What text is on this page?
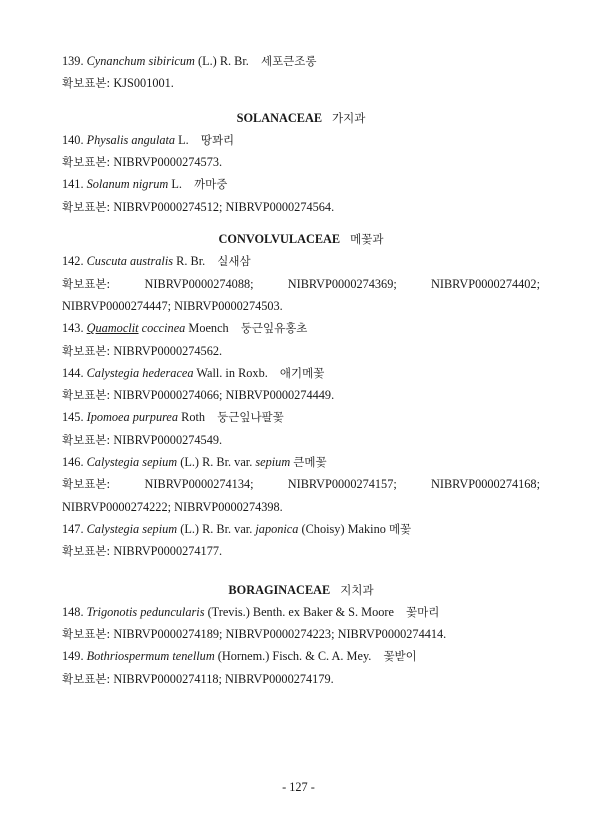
139. Cynanchum sibiricum (L.) R. Br. 세포큰조롱
확보표본: KJS001001.
SOLANACEAE 가지과
140. Physalis angulata L. 땅꽈리
확보표본: NIBRVP0000274573.
141. Solanum nigrum L. 까마중
확보표본: NIBRVP0000274512; NIBRVP0000274564.
CONVOLVULACEAE 메꽃과
142. Cuscuta australis R. Br. 실새삼
확보표본:	NIBRVP0000274088; NIBRVP0000274369; NIBRVP0000274402;
NIBRVP0000274447; NIBRVP0000274503.
143. Quamoclit coccinea Moench 둥근잎유홍초
확보표본: NIBRVP0000274562.
144. Calystegia hederacea Wall. in Roxb. 애기메꽃
확보표본: NIBRVP0000274066; NIBRVP0000274449.
145. Ipomoea purpurea Roth 둥근잎나팔꽃
확보표본: NIBRVP0000274549.
146. Calystegia sepium (L.) R. Br. var. sepium 큰메꽃
확보표본:	NIBRVP0000274134; NIBRVP0000274157; NIBRVP0000274168;
NIBRVP0000274222; NIBRVP0000274398.
147. Calystegia sepium (L.) R. Br. var. japonica (Choisy) Makino 메꽃
확보표본: NIBRVP0000274177.
BORAGINACEAE 지치과
148. Trigonotis peduncularis (Trevis.) Benth. ex Baker & S. Moore 꽃마리
확보표본: NIBRVP0000274189; NIBRVP0000274223; NIBRVP0000274414.
149. Bothriospermum tenellum (Hornem.) Fisch. & C. A. Mey. 꽃받이
확보표본: NIBRVP0000274118; NIBRVP0000274179.
- 127 -
